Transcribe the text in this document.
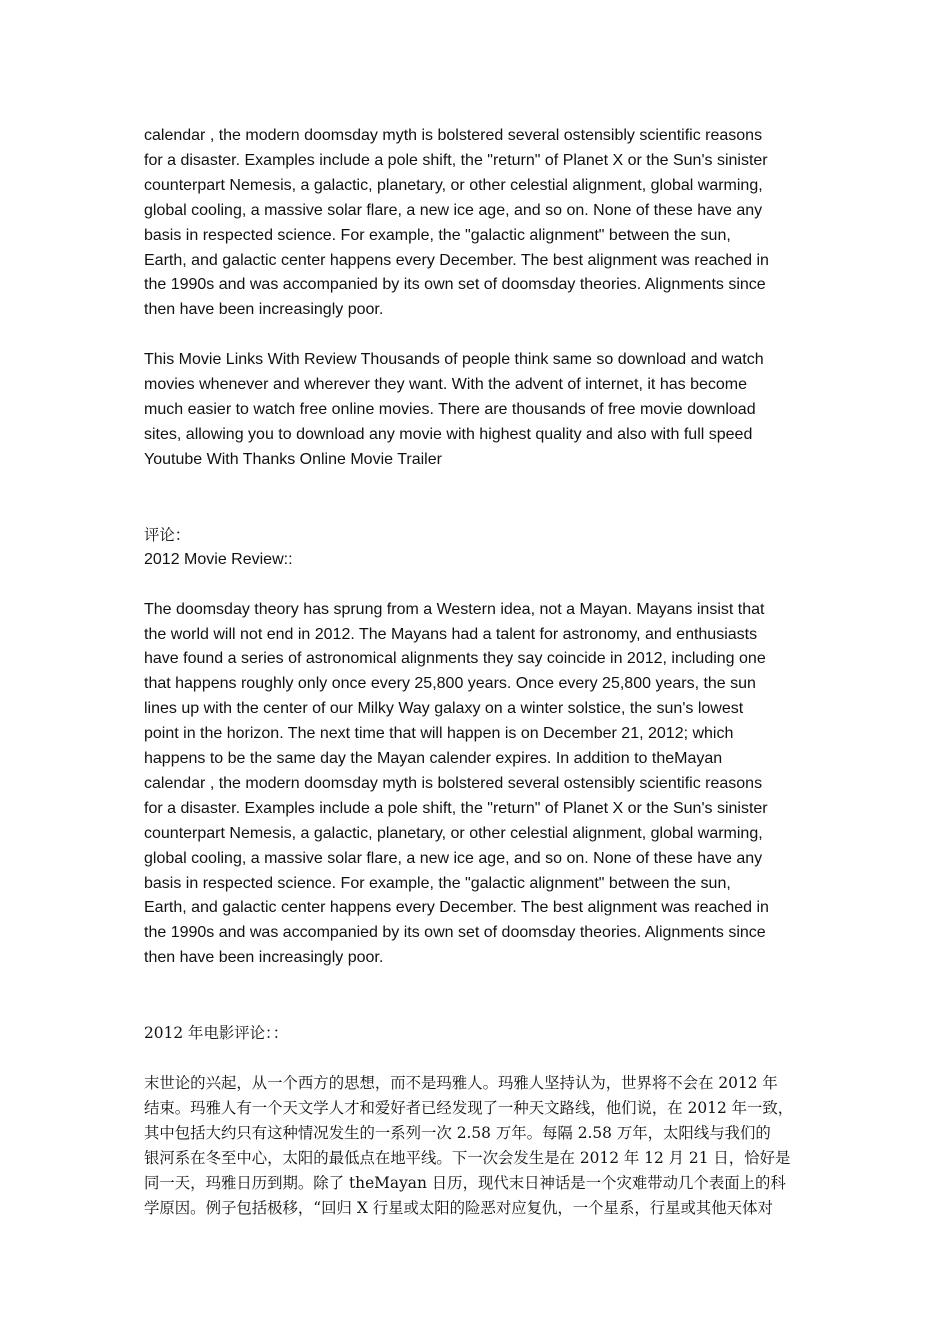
calendar , the modern doomsday myth is bolstered several ostensibly scientific reasons
for a disaster. Examples include a pole shift, the "return" of Planet X or the Sun's sinister
counterpart Nemesis, a galactic, planetary, or other celestial alignment, global warming,
global cooling, a massive solar flare, a new ice age, and so on. None of these have any
basis in respected science. For example, the "galactic alignment" between the sun,
Earth, and galactic center happens every December. The best alignment was reached in
the 1990s and was accompanied by its own set of doomsday theories. Alignments since
then have been increasingly poor.

This Movie Links With Review Thousands of people think same so download and watch
movies whenever and wherever they want. With the advent of internet, it has become
much easier to watch free online movies. There are thousands of free movie download
sites, allowing you to download any movie with highest quality and also with full speed
Youtube With Thanks Online Movie Trailer

评论：

2012 Movie Review::

The doomsday theory has sprung from a Western idea, not a Mayan. Mayans insist that
the world will not end in 2012. The Mayans had a talent for astronomy, and enthusiasts
have found a series of astronomical alignments they say coincide in 2012, including one
that happens roughly only once every 25,800 years. Once every 25,800 years, the sun
lines up with the center of our Milky Way galaxy on a winter solstice, the sun's lowest
point in the horizon. The next time that will happen is on December 21, 2012; which
happens to be the same day the Mayan calender expires. In addition to theMayan
calendar , the modern doomsday myth is bolstered several ostensibly scientific reasons
for a disaster. Examples include a pole shift, the "return" of Planet X or the Sun's sinister
counterpart Nemesis, a galactic, planetary, or other celestial alignment, global warming,
global cooling, a massive solar flare, a new ice age, and so on. None of these have any
basis in respected science. For example, the "galactic alignment" between the sun,
Earth, and galactic center happens every December. The best alignment was reached in
the 1990s and was accompanied by its own set of doomsday theories. Alignments since
then have been increasingly poor.

2012 年电影评论：：

末世论的兴起，从一个西方的思想，而不是玛雅人。玛雅人坚持认为，世界将不会在 2012 年
结束。玛雅人有一个天文学人才和爱好者已经发现了一种天文路线，他们说，在 2012 年一致，
其中包括大约只有这种情况发生的一系列一次 2.58 万年。每隔 2.58 万年，太阳线与我们的
银河系在冬至中心，太阳的最低点在地平线。下一次会发生是在 2012 年 12 月 21 日，恰好是
同一天，玛雅日历到期。除了 theMayan 日历，现代末日神话是一个灾难带动几个表面上的科
学原因。例子包括极移，“回归 X 行星或太阳的险恶对应复仇，一个星系，行星或其他天体对
